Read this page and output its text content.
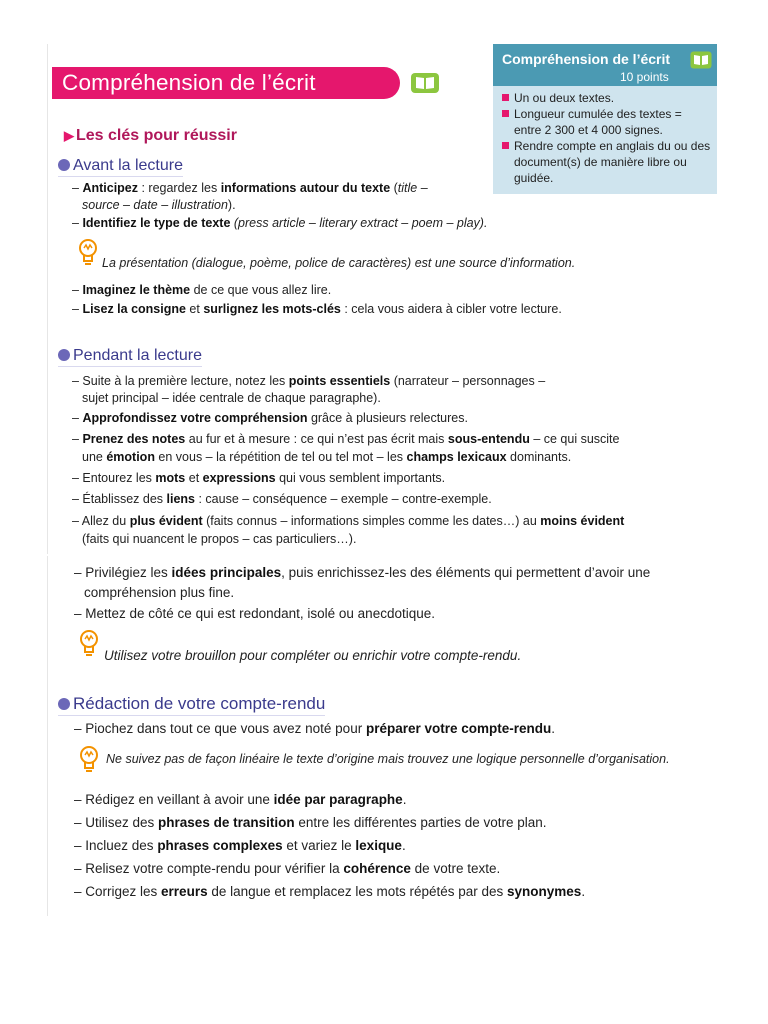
Compréhension de l’écrit
Compréhension de l’écrit
10 points
Un ou deux textes.
Longueur cumulée des textes = entre 2 300 et 4 000 signes.
Rendre compte en anglais du ou des document(s) de manière libre ou guidée.
▶ Les clés pour réussir
Avant la lecture
– Anticipez : regardez les informations autour du texte (title –
source – date – illustration).
– Identifiez le type de texte (press article – literary extract – poem – play).
La présentation (dialogue, poème, police de caractères) est une source d’information.
– Imaginez le thème de ce que vous allez lire.
– Lisez la consigne et surlignez les mots-clés : cela vous aidera à cibler votre lecture.
Pendant la lecture
– Suite à la première lecture, notez les points essentiels (narrateur – personnages –
sujet principal – idée centrale de chaque paragraphe).
– Approfondissez votre compréhension grâce à plusieurs relectures.
– Prenez des notes au fur et à mesure : ce qui n’est pas écrit mais sous-entendu – ce qui suscite
une émotion en vous – la répétition de tel ou tel mot – les champs lexicaux dominants.
– Entourez les mots et expressions qui vous semblent importants.
– Établissez des liens : cause – conséquence – exemple – contre-exemple.
– Allez du plus évident (faits connus – informations simples comme les dates…) au moins évident
(faits qui nuancent le propos – cas particuliers…).
– Privilégiez les idées principales, puis enrichissez-les des éléments qui permettent d’avoir une
compréhension plus fine.
– Mettez de côté ce qui est redondant, isolé ou anecdotique.
Utilisez votre brouillon pour compléter ou enrichir votre compte-rendu.
Rédaction de votre compte-rendu
– Piochez dans tout ce que vous avez noté pour préparer votre compte-rendu.
Ne suivez pas de façon linéaire le texte d’origine mais trouvez une logique personnelle d’organisation.
– Rédigez en veillant à avoir une idée par paragraphe.
– Utilisez des phrases de transition entre les différentes parties de votre plan.
– Incluez des phrases complexes et variez le lexique.
– Relisez votre compte-rendu pour vérifier la cohérence de votre texte.
– Corrigez les erreurs de langue et remplacez les mots répétés par des synonymes.
